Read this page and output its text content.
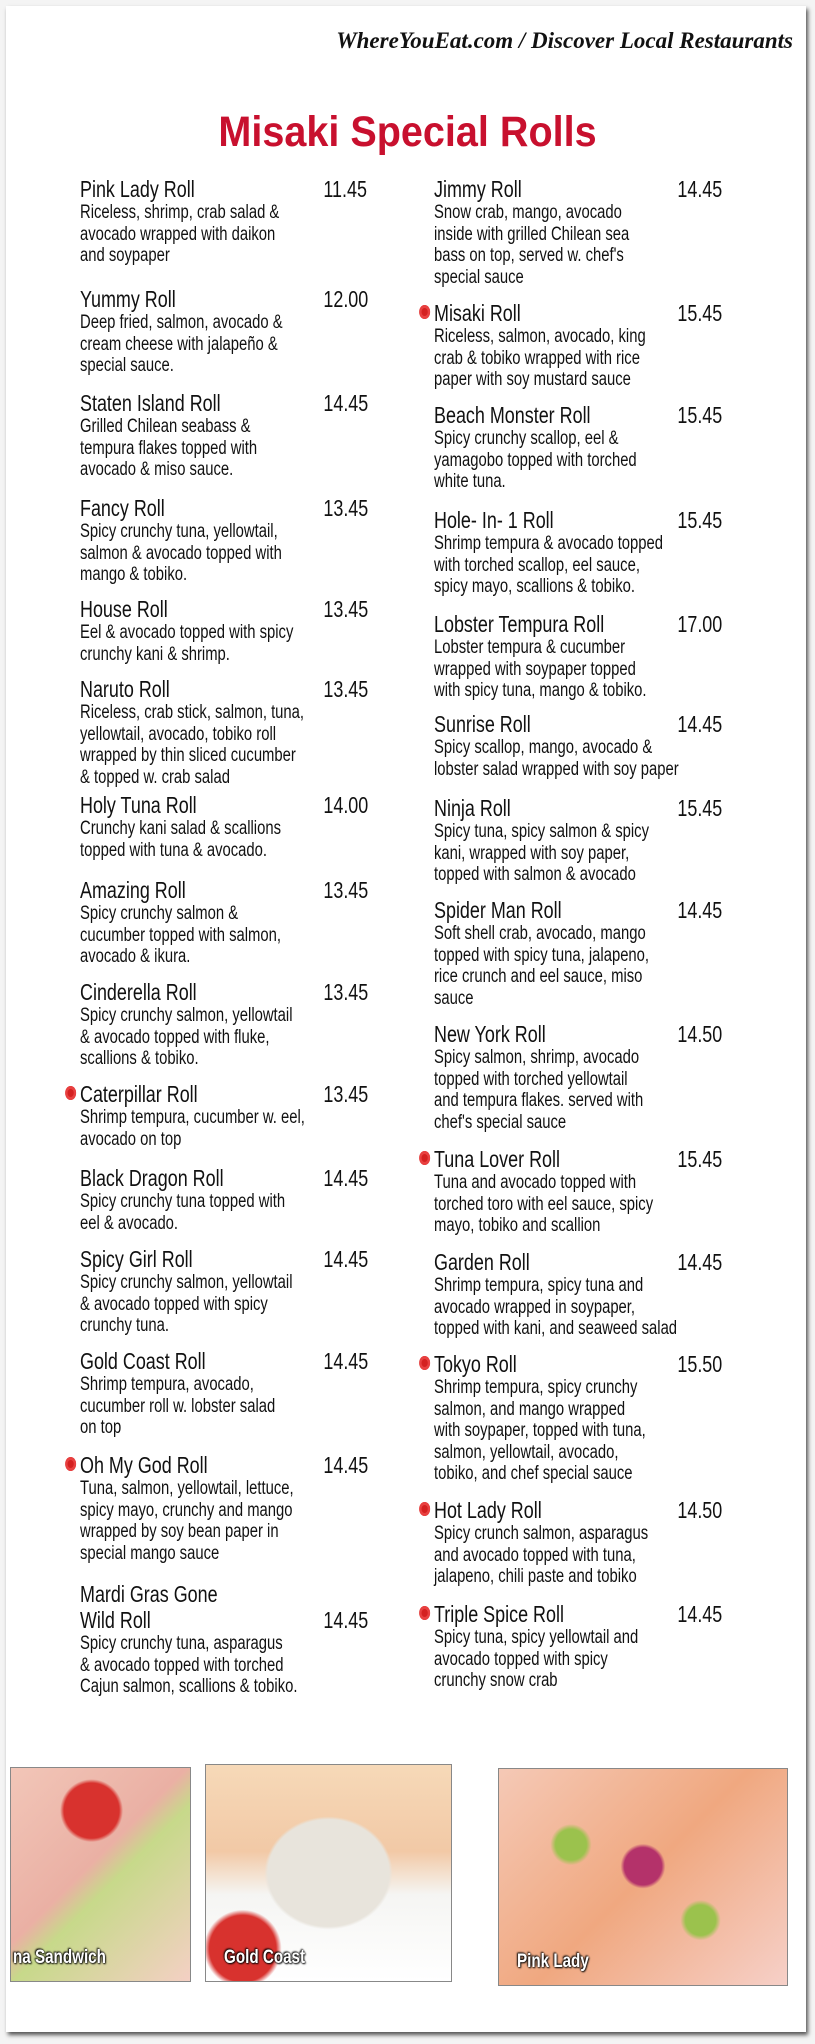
WhereYouEat.com / Discover Local Restaurants
Misaki Special Rolls
Pink Lady Roll	11.45
Riceless, shrimp, crab salad &
avocado wrapped with daikon
and soypaper
Yummy Roll	12.00
Deep fried, salmon, avocado &
cream cheese with jalapeño &
special sauce.
Staten Island Roll	14.45
Grilled Chilean seabass &
tempura flakes topped with
avocado & miso sauce.
Fancy Roll	13.45
Spicy crunchy tuna, yellowtail,
salmon & avocado topped with
mango & tobiko.
House Roll	13.45
Eel & avocado topped with spicy
crunchy kani & shrimp.
Naruto Roll	13.45
Riceless, crab stick, salmon, tuna,
yellowtail, avocado, tobiko roll
wrapped by thin sliced cucumber
& topped w. crab salad
Holy Tuna Roll	14.00
Crunchy kani salad & scallions
topped with tuna & avocado.
Amazing Roll	13.45
Spicy crunchy salmon &
cucumber topped with salmon,
avocado & ikura.
Cinderella Roll	13.45
Spicy crunchy salmon, yellowtail
& avocado topped with fluke,
scallions & tobiko.
Caterpillar Roll	13.45
Shrimp tempura, cucumber w. eel,
avocado on top
Black Dragon Roll	14.45
Spicy crunchy tuna topped with
eel & avocado.
Spicy Girl Roll	14.45
Spicy crunchy salmon, yellowtail
& avocado topped with spicy
crunchy tuna.
Gold Coast Roll	14.45
Shrimp tempura, avocado,
cucumber roll w. lobster salad
on top
Oh My God Roll	14.45
Tuna, salmon, yellowtail, lettuce,
spicy mayo, crunchy and mango
wrapped by soy bean paper in
special mango sauce
Mardi Gras Gone
Wild Roll	14.45
Spicy crunchy tuna, asparagus
& avocado topped with torched
Cajun salmon, scallions & tobiko.
Jimmy Roll	14.45
Snow crab, mango, avocado
inside with grilled Chilean sea
bass on top, served w. chef's
special sauce
Misaki Roll	15.45
Riceless, salmon, avocado, king
crab & tobiko wrapped with rice
paper with soy mustard sauce
Beach Monster Roll	15.45
Spicy crunchy scallop, eel &
yamagobo topped with torched
white tuna.
Hole- In- 1 Roll	15.45
Shrimp tempura & avocado topped
with torched scallop, eel sauce,
spicy mayo, scallions & tobiko.
Lobster Tempura Roll	17.00
Lobster tempura & cucumber
wrapped with soypaper topped
with spicy tuna, mango & tobiko.
Sunrise Roll	14.45
Spicy scallop, mango, avocado &
lobster salad wrapped with soy paper
Ninja Roll	15.45
Spicy tuna, spicy salmon & spicy
kani, wrapped with soy paper,
topped with salmon & avocado
Spider Man Roll	14.45
Soft shell crab, avocado, mango
topped with spicy tuna, jalapeno,
rice crunch and eel sauce, miso
sauce
New York Roll	14.50
Spicy salmon, shrimp, avocado
topped with torched yellowtail
and tempura flakes. served with
chef's special sauce
Tuna Lover Roll	15.45
Tuna and avocado topped with
torched toro with eel sauce, spicy
mayo, tobiko and scallion
Garden Roll	14.45
Shrimp tempura, spicy tuna and
avocado wrapped in soypaper,
topped with kani, and seaweed salad
Tokyo Roll	15.50
Shrimp tempura, spicy crunchy
salmon, and mango wrapped
with soypaper, topped with tuna,
salmon, yellowtail, avocado,
tobiko, and chef special sauce
Hot Lady Roll	14.50
Spicy crunch salmon, asparagus
and avocado topped with tuna,
jalapeno, chili paste and tobiko
Triple Spice Roll	14.45
Spicy tuna, spicy yellowtail and
avocado topped with spicy
crunchy snow crab
na Sandwich	Gold Coast	Pink Lady
